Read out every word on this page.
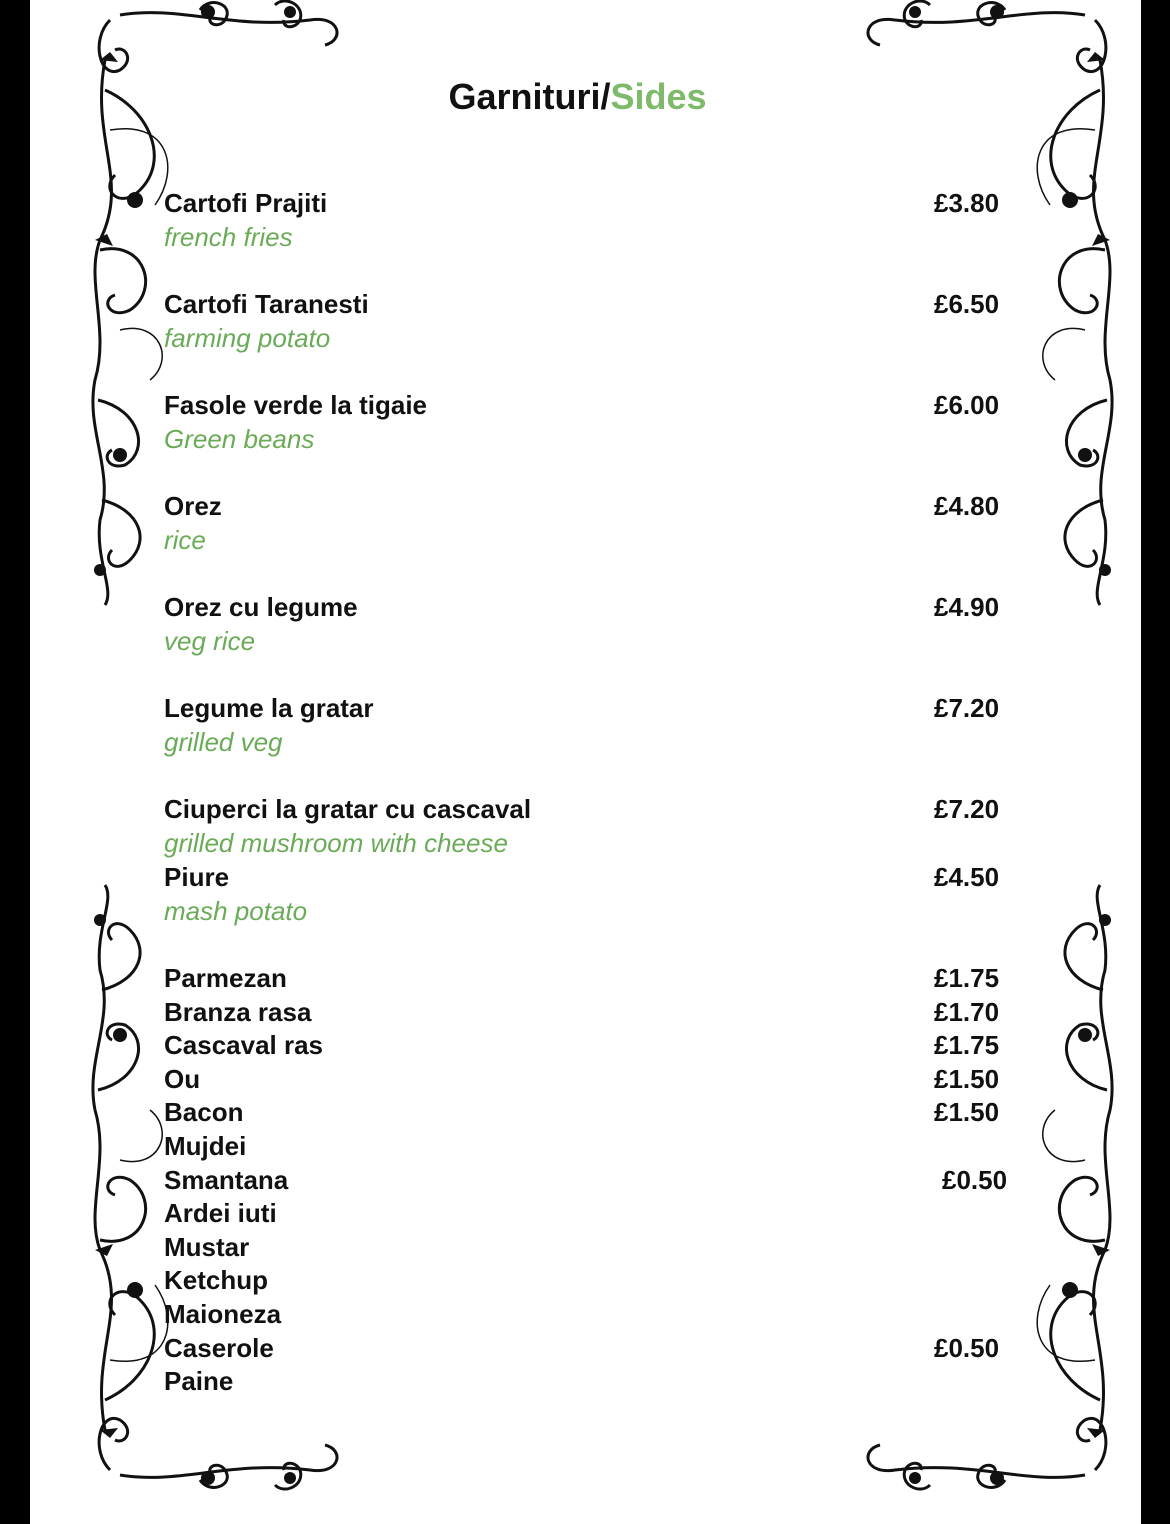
Garnituri/Sides
Cartofi Prajiti	£3.80
french fries
Cartofi Taranesti	£6.50
farming potato
Fasole verde la tigaie	£6.00
Green beans
Orez	£4.80
rice
Orez cu legume	£4.90
veg rice
Legume la gratar	£7.20
grilled veg
Ciuperci la gratar cu cascaval	£7.20
grilled mushroom with cheese
Piure	£4.50
mash potato
Parmezan	£1.75
Branza rasa	£1.70
Cascaval ras	£1.75
Ou	£1.50
Bacon	£1.50
Mujdei
Smantana	£0.50
Ardei iuti
Mustar
Ketchup
Maioneza
Caserole	£0.50
Paine
